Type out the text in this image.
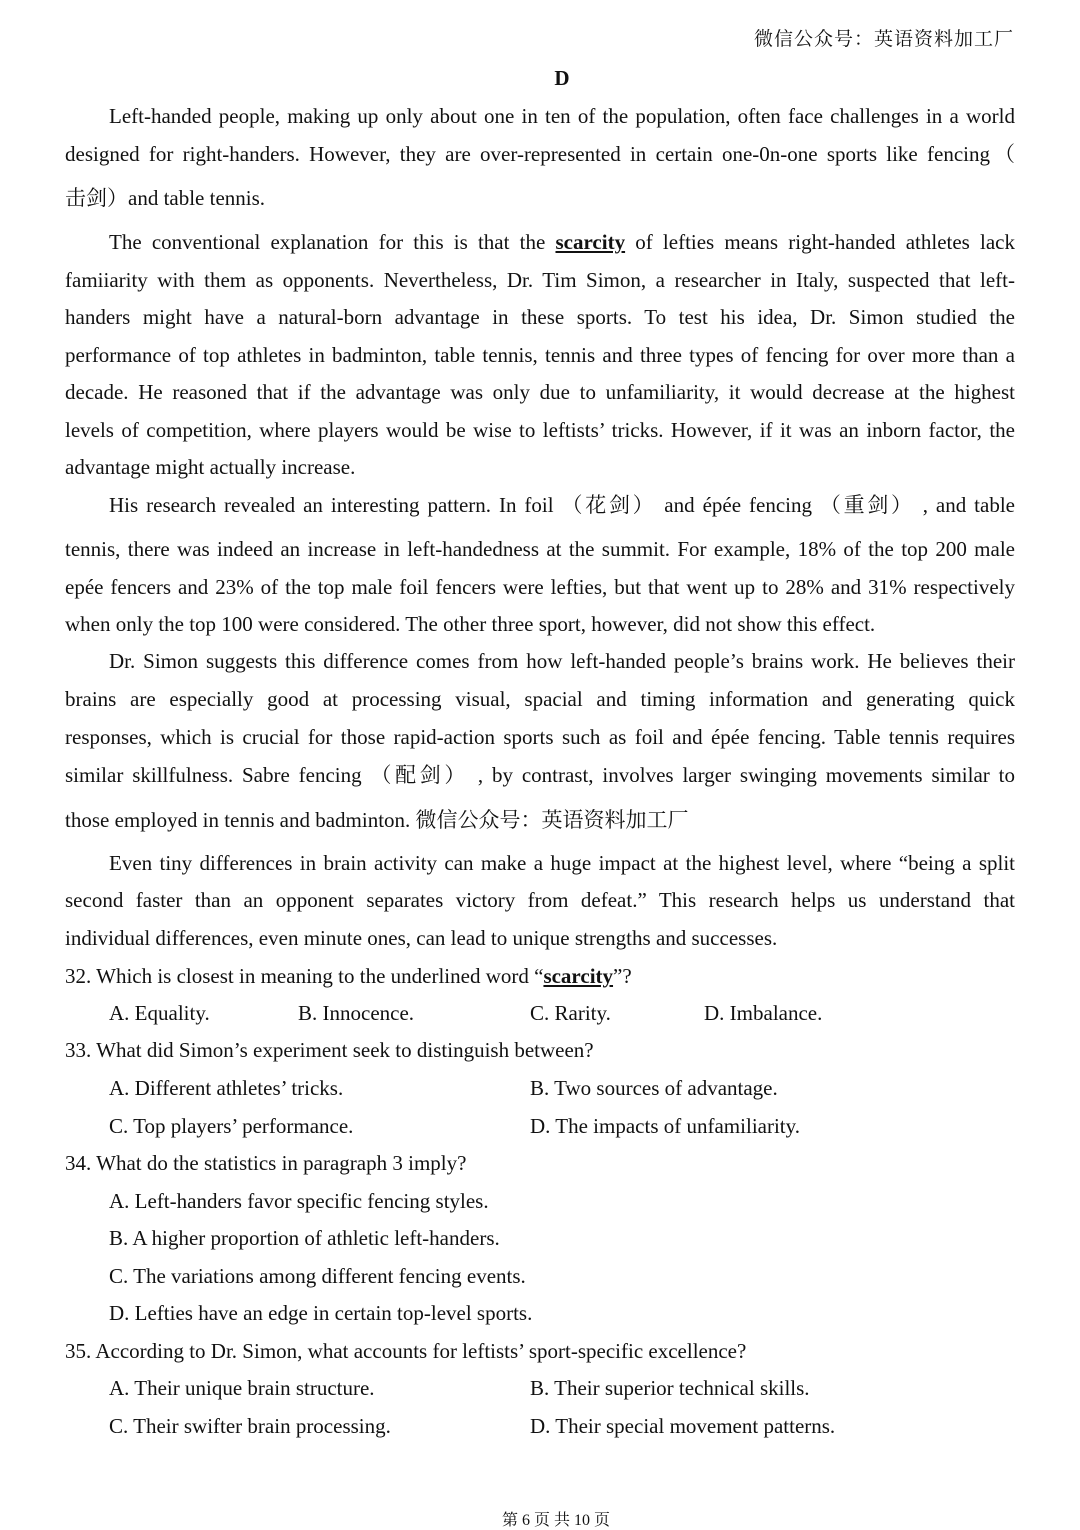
微信公众号：英语资料加工厂
D
Left-handed people, making up only about one in ten of the population, often face challenges in a world
designed for right-handers. However, they are over-represented in certain one-0n-one sports like fencing（
击剑）and table tennis.
The conventional explanation for this is that the scarcity of lefties means right-handed athletes lack
famiiarity with them as opponents. Nevertheless, Dr. Tim Simon, a researcher in Italy, suspected that left-
handers might have a natural-born advantage in these sports. To test his idea, Dr. Simon studied the
performance of top athletes in badminton, table tennis, tennis and three types of fencing for over more than a
decade. He reasoned that if the advantage was only due to unfamiliarity, it would decrease at the highest
levels of competition, where players would be wise to leftists’ tricks. However, if it was an inborn factor, the
advantage might actually increase.
His research revealed an interesting pattern. In foil （花剑） and épée fencing （重剑） , and table
tennis, there was indeed an increase in left-handedness at the summit. For example, 18% of the top 200 male
epée fencers and 23% of the top male foil fencers were lefties, but that went up to 28% and 31% respectively
when only the top 100 were considered. The other three sport, however, did not show this effect.
Dr. Simon suggests this difference comes from how left-handed people’s brains work. He believes their
brains are especially good at processing visual, spacial and timing information and generating quick
responses, which is crucial for those rapid-action sports such as foil and épée fencing. Table tennis requires
similar skillfulness. Sabre fencing （配剑） , by contrast, involves larger swinging movements similar to
those employed in tennis and badminton. 微信公众号：英语资料加工厂
Even tiny differences in brain activity can make a huge impact at the highest level, where “being a split
second faster than an opponent separates victory from defeat.” This research helps us understand that
individual differences, even minute ones, can lead to unique strengths and successes.
32. Which is closest in meaning to the underlined word “scarcity”?
A. Equality.	B. Innocence.	C. Rarity.	D. Imbalance.
33. What did Simon’s experiment seek to distinguish between?
A. Different athletes’ tricks.	B. Two sources of advantage.
C. Top players’ performance.	D. The impacts of unfamiliarity.
34. What do the statistics in paragraph 3 imply?
A. Left-handers favor specific fencing styles.
B. A higher proportion of athletic left-handers.
C. The variations among different fencing events.
D. Lefties have an edge in certain top-level sports.
35. According to Dr. Simon, what accounts for leftists’ sport-specific excellence?
A. Their unique brain structure.	B. Their superior technical skills.
C. Their swifter brain processing.	D. Their special movement patterns.
第 6 页 共 10 页
